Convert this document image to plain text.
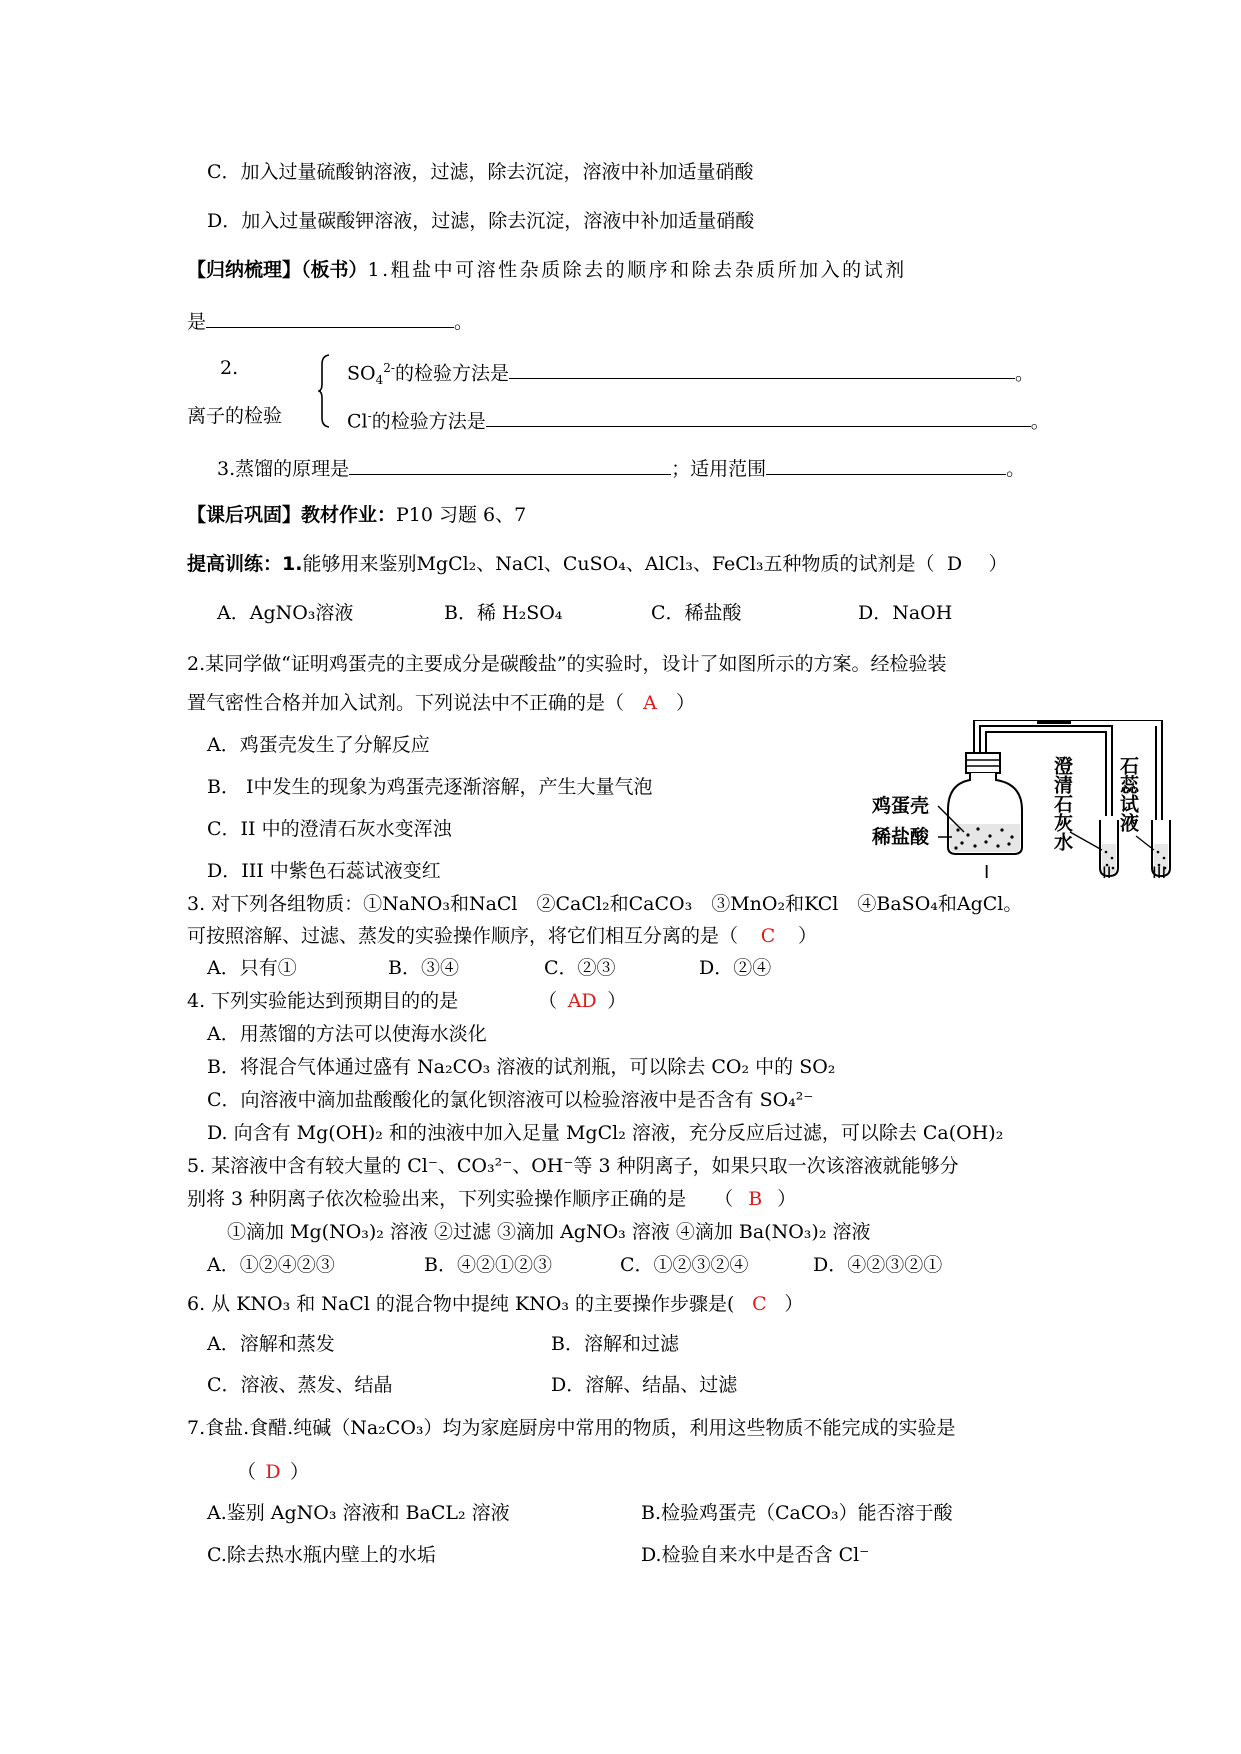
C．加入过量硫酸钠溶液，过滤，除去沉淀，溶液中补加适量硝酸
D．加入过量碳酸钾溶液，过滤，除去沉淀，溶液中补加适量硝酸
【归纳梳理】（板书）1.粗盐中可溶性杂质除去的顺序和除去杂质所加入的试剂
是	。
2.
离子的检验
$SO_4^{2-}$的检验方法是	。
Cl-的检验方法是	。
3.蒸馏的原理是	；适用范围	。
【课后巩固】教材作业：P10 习题 6、7
提高训练：1.能够用来鉴别MgCl₂、NaCl、CuSO₄、AlCl₃、FeCl₃五种物质的试剂是（ D ）
A．AgNO₃溶液	B．稀 H₂SO₄	C．稀盐酸	D．NaOH
2.某同学做“证明鸡蛋壳的主要成分是碳酸盐”的实验时，设计了如图所示的方案。经检验装
置气密性合格并加入试剂。下列说法中不正确的是（ A ）
A．鸡蛋壳发生了分解反应
B． Ⅰ中发生的现象为鸡蛋壳逐渐溶解，产生大量气泡
C．II 中的澄清石灰水变浑浊
D．III 中紫色石蕊试液变红
鸡蛋壳
稀盐酸	澄清石灰水 石蕊试液
I	II	III
3. 对下列各组物质：①NaNO₃和NaCl　②CaCl₂和CaCO₃　③MnO₂和KCl　④BaSO₄和AgCl。
可按照溶解、过滤、蒸发的实验操作顺序，将它们相互分离的是（ C ）
A．只有①	B．③④	C．②③	D．②④
4. 下列实验能达到预期目的的是	（ AD ）
A．用蒸馏的方法可以使海水淡化
B．将混合气体通过盛有 Na₂CO₃ 溶液的试剂瓶，可以除去 CO₂ 中的 SO₂
C．向溶液中滴加盐酸酸化的氯化钡溶液可以检验溶液中是否含有 SO₄²⁻
D. 向含有 Mg(OH)₂ 和的浊液中加入足量 MgCl₂ 溶液，充分反应后过滤，可以除去 Ca(OH)₂
5. 某溶液中含有较大量的 Cl⁻、CO₃²⁻、OH⁻等 3 种阴离子，如果只取一次该溶液就能够分
别将 3 种阴离子依次检验出来，下列实验操作顺序正确的是 （ B ）
①滴加 Mg(NO₃)₂ 溶液 ②过滤 ③滴加 AgNO₃ 溶液 ④滴加 Ba(NO₃)₂ 溶液
A．①②④②③	B．④②①②③	C．①②③②④	D．④②③②①
6. 从 KNO₃ 和 NaCl 的混合物中提纯 KNO₃ 的主要操作步骤是( C ）
A．溶解和蒸发	B．溶解和过滤
C．溶液、蒸发、结晶	D．溶解、结晶、过滤
7.食盐.食醋.纯碱（Na₂CO₃）均为家庭厨房中常用的物质，利用这些物质不能完成的实验是
（ D ）
A.鉴别 AgNO₃ 溶液和 BaCL₂ 溶液	B.检验鸡蛋壳（CaCO₃）能否溶于酸
C.除去热水瓶内壁上的水垢	D.检验自来水中是否含 Cl⁻
